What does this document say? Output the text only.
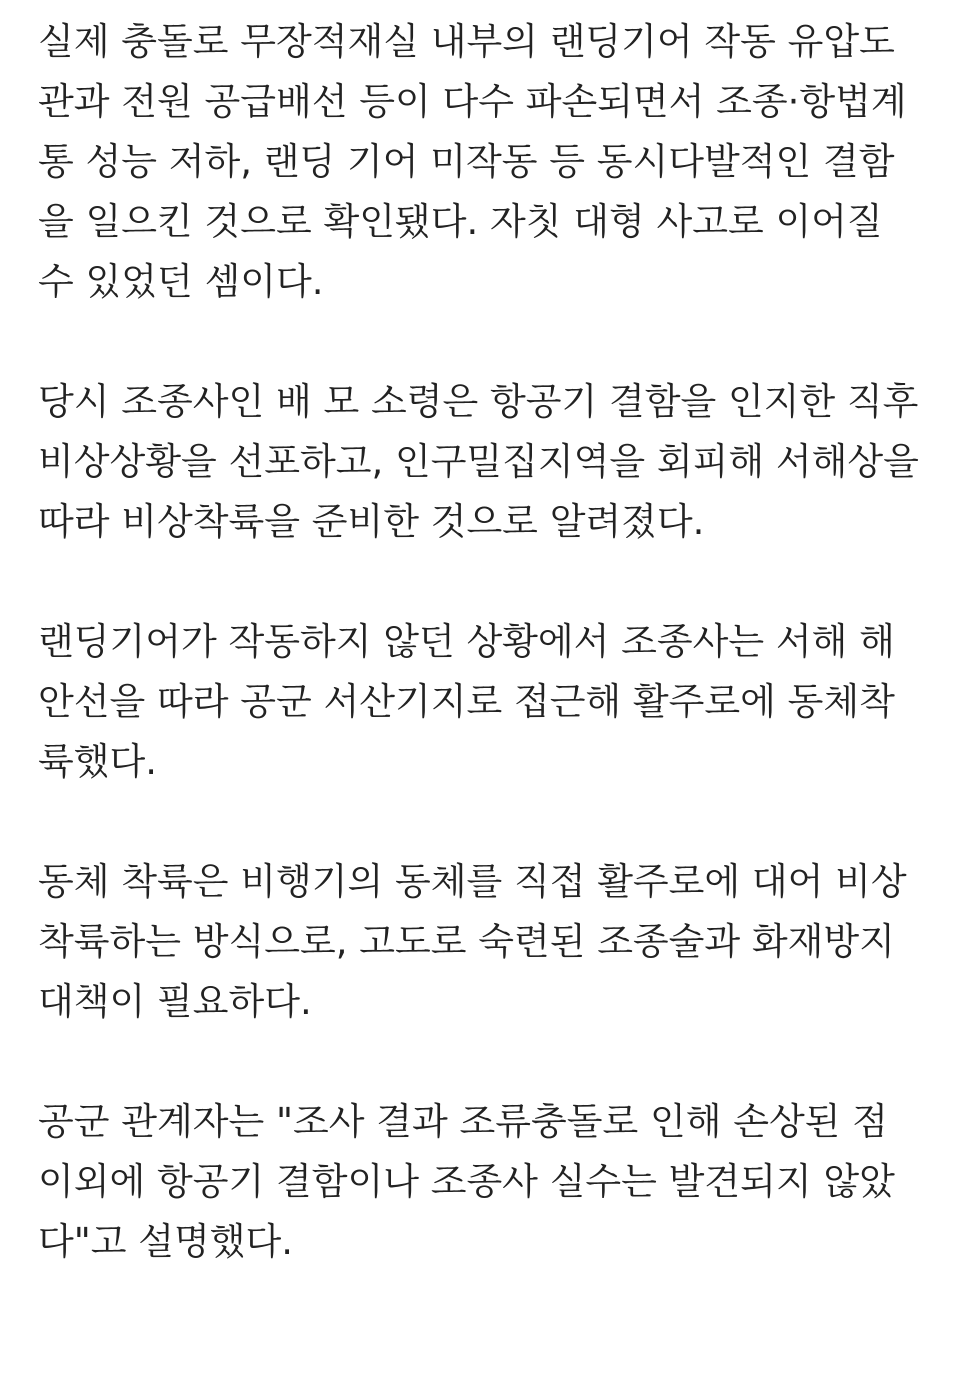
실제 충돌로 무장적재실 내부의 랜딩기어 작동 유압도
관과 전원 공급배선 등이 다수 파손되면서 조종·항법계
통 성능 저하, 랜딩 기어 미작동 등 동시다발적인 결함
을 일으킨 것으로 확인됐다. 자칫 대형 사고로 이어질
수 있었던 셈이다.

당시 조종사인 배 모 소령은 항공기 결함을 인지한 직후
비상상황을 선포하고, 인구밀집지역을 회피해 서해상을
따라 비상착륙을 준비한 것으로 알려졌다.

랜딩기어가 작동하지 않던 상황에서 조종사는 서해 해
안선을 따라 공군 서산기지로 접근해 활주로에 동체착
륙했다.

동체 착륙은 비행기의 동체를 직접 활주로에 대어 비상
착륙하는 방식으로, 고도로 숙련된 조종술과 화재방지
대책이 필요하다.

공군 관계자는 "조사 결과 조류충돌로 인해 손상된 점
이외에 항공기 결함이나 조종사 실수는 발견되지 않았
다"고 설명했다.
